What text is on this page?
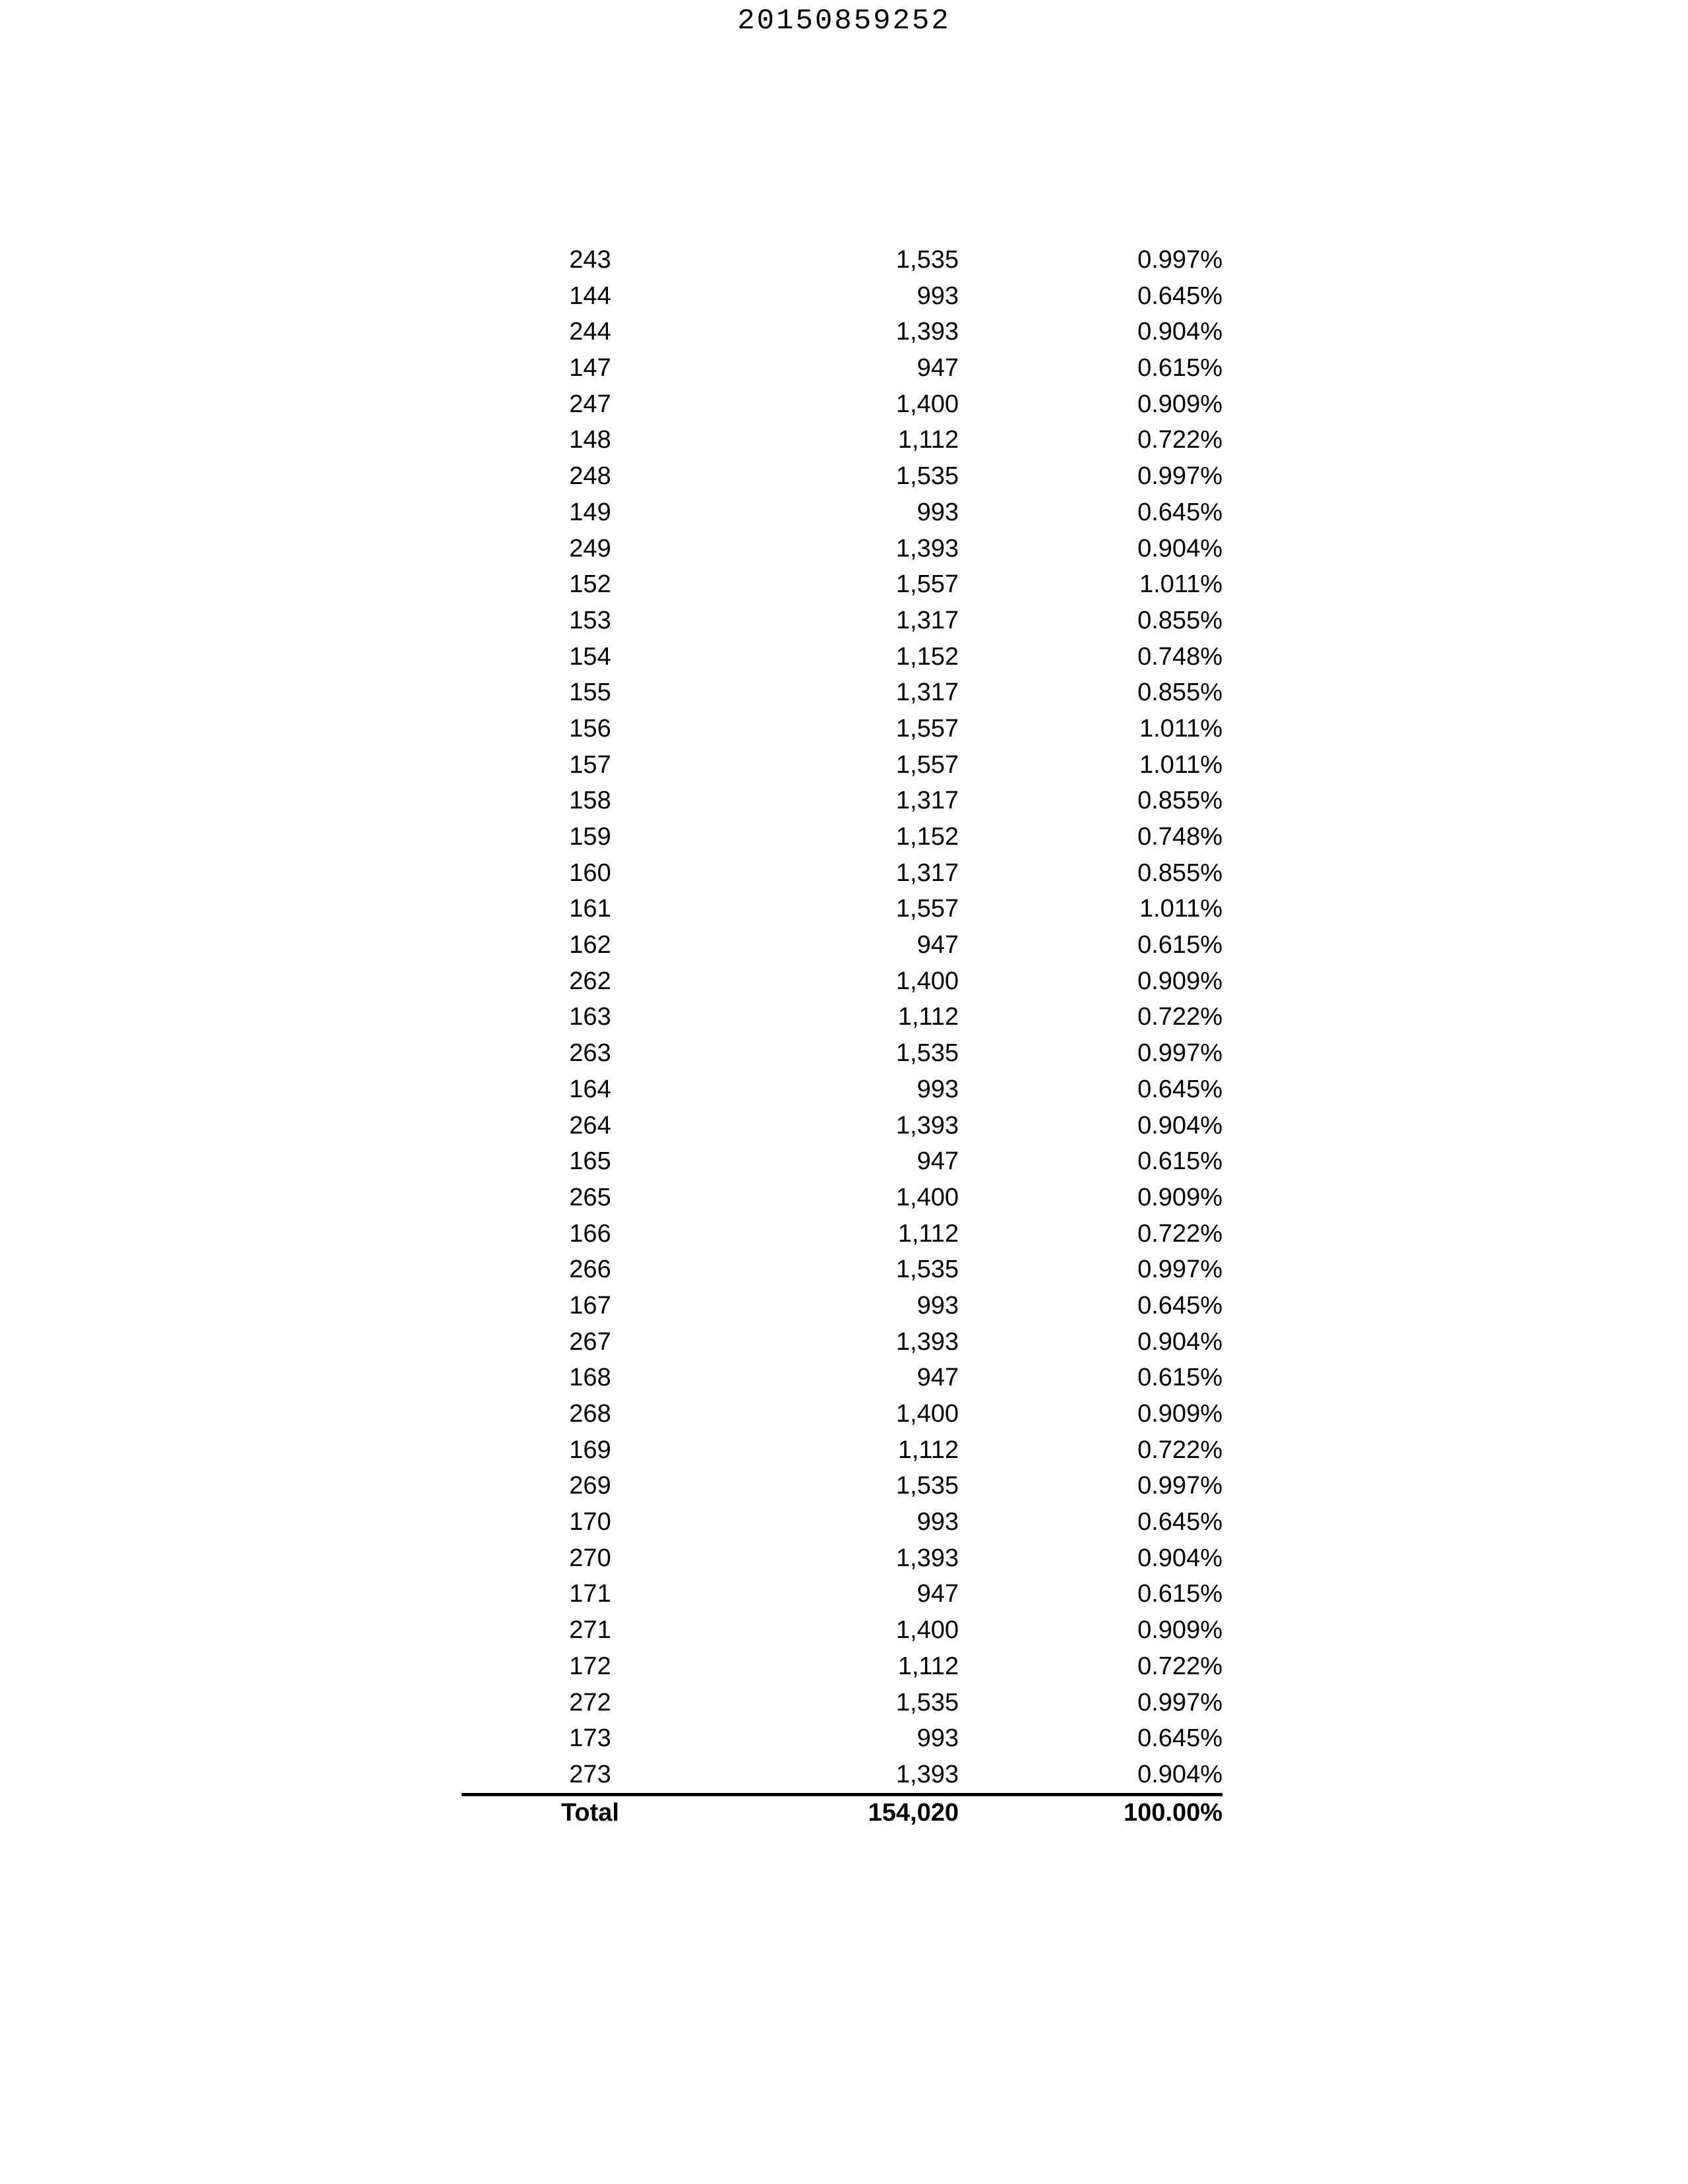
20150859252
243	1,535	0.997%
144	993	0.645%
244	1,393	0.904%
147	947	0.615%
247	1,400	0.909%
148	1,112	0.722%
248	1,535	0.997%
149	993	0.645%
249	1,393	0.904%
152	1,557	1.011%
153	1,317	0.855%
154	1,152	0.748%
155	1,317	0.855%
156	1,557	1.011%
157	1,557	1.011%
158	1,317	0.855%
159	1,152	0.748%
160	1,317	0.855%
161	1,557	1.011%
162	947	0.615%
262	1,400	0.909%
163	1,112	0.722%
263	1,535	0.997%
164	993	0.645%
264	1,393	0.904%
165	947	0.615%
265	1,400	0.909%
166	1,112	0.722%
266	1,535	0.997%
167	993	0.645%
267	1,393	0.904%
168	947	0.615%
268	1,400	0.909%
169	1,112	0.722%
269	1,535	0.997%
170	993	0.645%
270	1,393	0.904%
171	947	0.615%
271	1,400	0.909%
172	1,112	0.722%
272	1,535	0.997%
173	993	0.645%
273	1,393	0.904%
Total	154,020	100.00%
